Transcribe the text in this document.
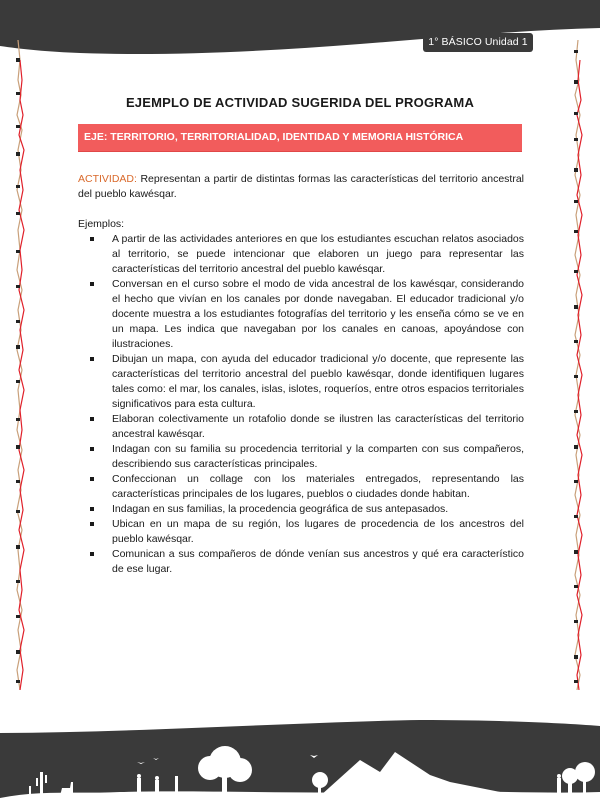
1° BÁSICO Unidad 1
EJEMPLO DE ACTIVIDAD SUGERIDA DEL PROGRAMA
EJE: TERRITORIO, TERRITORIALIDAD, IDENTIDAD Y MEMORIA HISTÓRICA

ACTIVIDAD: Representan a partir de distintas formas las características del territorio ancestral del pueblo kawésqar.

Ejemplos:

A partir de las actividades anteriores en que los estudiantes escuchan relatos asociados al territorio, se puede intencionar que elaboren un juego para representar las características del territorio ancestral del pueblo kawésqar.
Conversan en el curso sobre el modo de vida ancestral de los kawésqar, considerando el hecho que vivían en los canales por donde navegaban. El educador tradicional y/o docente muestra a los estudiantes fotografías del territorio y les enseña cómo se ve en un mapa. Les indica que navegaban por los canales en canoas, apoyándose con ilustraciones.
Dibujan un mapa, con ayuda del educador tradicional y/o docente, que represente las características del territorio ancestral del pueblo kawésqar, donde identifiquen lugares tales como: el mar, los canales, islas, islotes, roqueríos, entre otros espacios territoriales significativos para esta cultura.
Elaboran colectivamente un rotafolio donde se ilustren las características del territorio ancestral kawésqar.
Indagan con su familia su procedencia territorial y la comparten con sus compañeros, describiendo sus características principales.
Confeccionan un collage con los materiales entregados, representando las características principales de los lugares, pueblos o ciudades donde habitan.
Indagan en sus familias, la procedencia geográfica de sus antepasados.
Ubican en un mapa de su región, los lugares de procedencia de los ancestros del pueblo kawésqar.
Comunican a sus compañeros de dónde venían sus ancestros y qué era característico de ese lugar.
